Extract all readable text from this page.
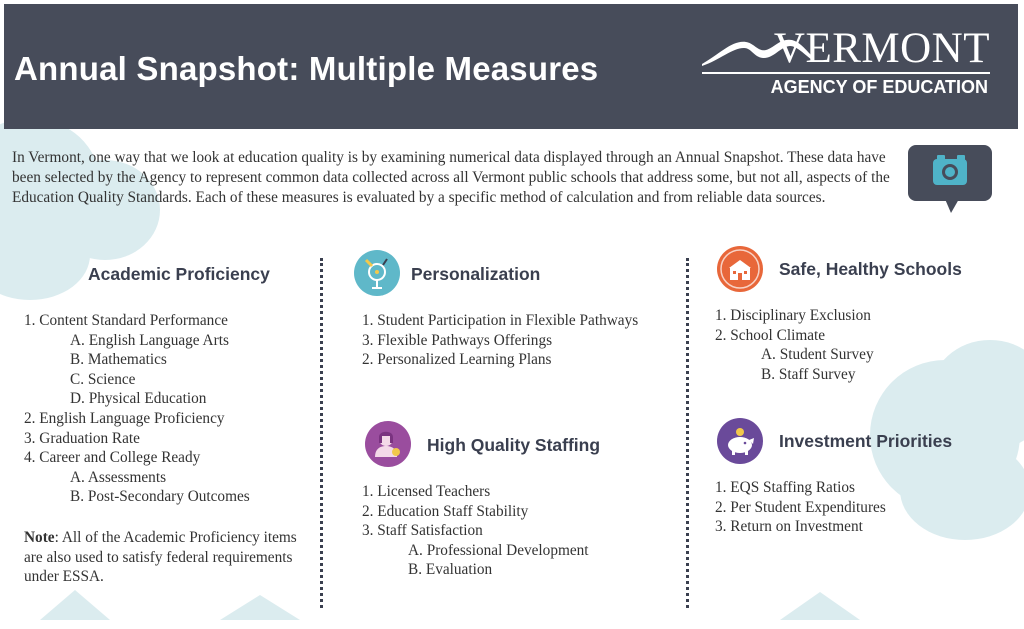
Annual Snapshot: Multiple Measures	VERMONT
AGENCY OF EDUCATION
In Vermont, one way that we look at education quality is by examining numerical data displayed through an Annual Snapshot. These data have been selected by the Agency to represent common data collected across all Vermont public schools that address some, but not all, aspects of the Education Quality Standards. Each of these measures is evaluated by a specific method of calculation and from reliable data sources.
Academic Proficiency
1. Content Standard Performance
A. English Language Arts
B. Mathematics
C. Science
D. Physical Education
2. English Language Proficiency
3. Graduation Rate
4. Career and College Ready
A. Assessments
B. Post-Secondary Outcomes
Note: All of the Academic Proficiency items are also used to satisfy federal requirements under ESSA.
Personalization
1. Student Participation in Flexible Pathways
3. Flexible Pathways Offerings
2. Personalized Learning Plans
High Quality Staffing
1. Licensed Teachers
2. Education Staff Stability
3. Staff Satisfaction
A. Professional Development
B. Evaluation
Safe, Healthy Schools
1. Disciplinary Exclusion
2. School Climate
A. Student Survey
B. Staff Survey
Investment Priorities
1. EQS Staffing Ratios
2. Per Student Expenditures
3. Return on Investment
